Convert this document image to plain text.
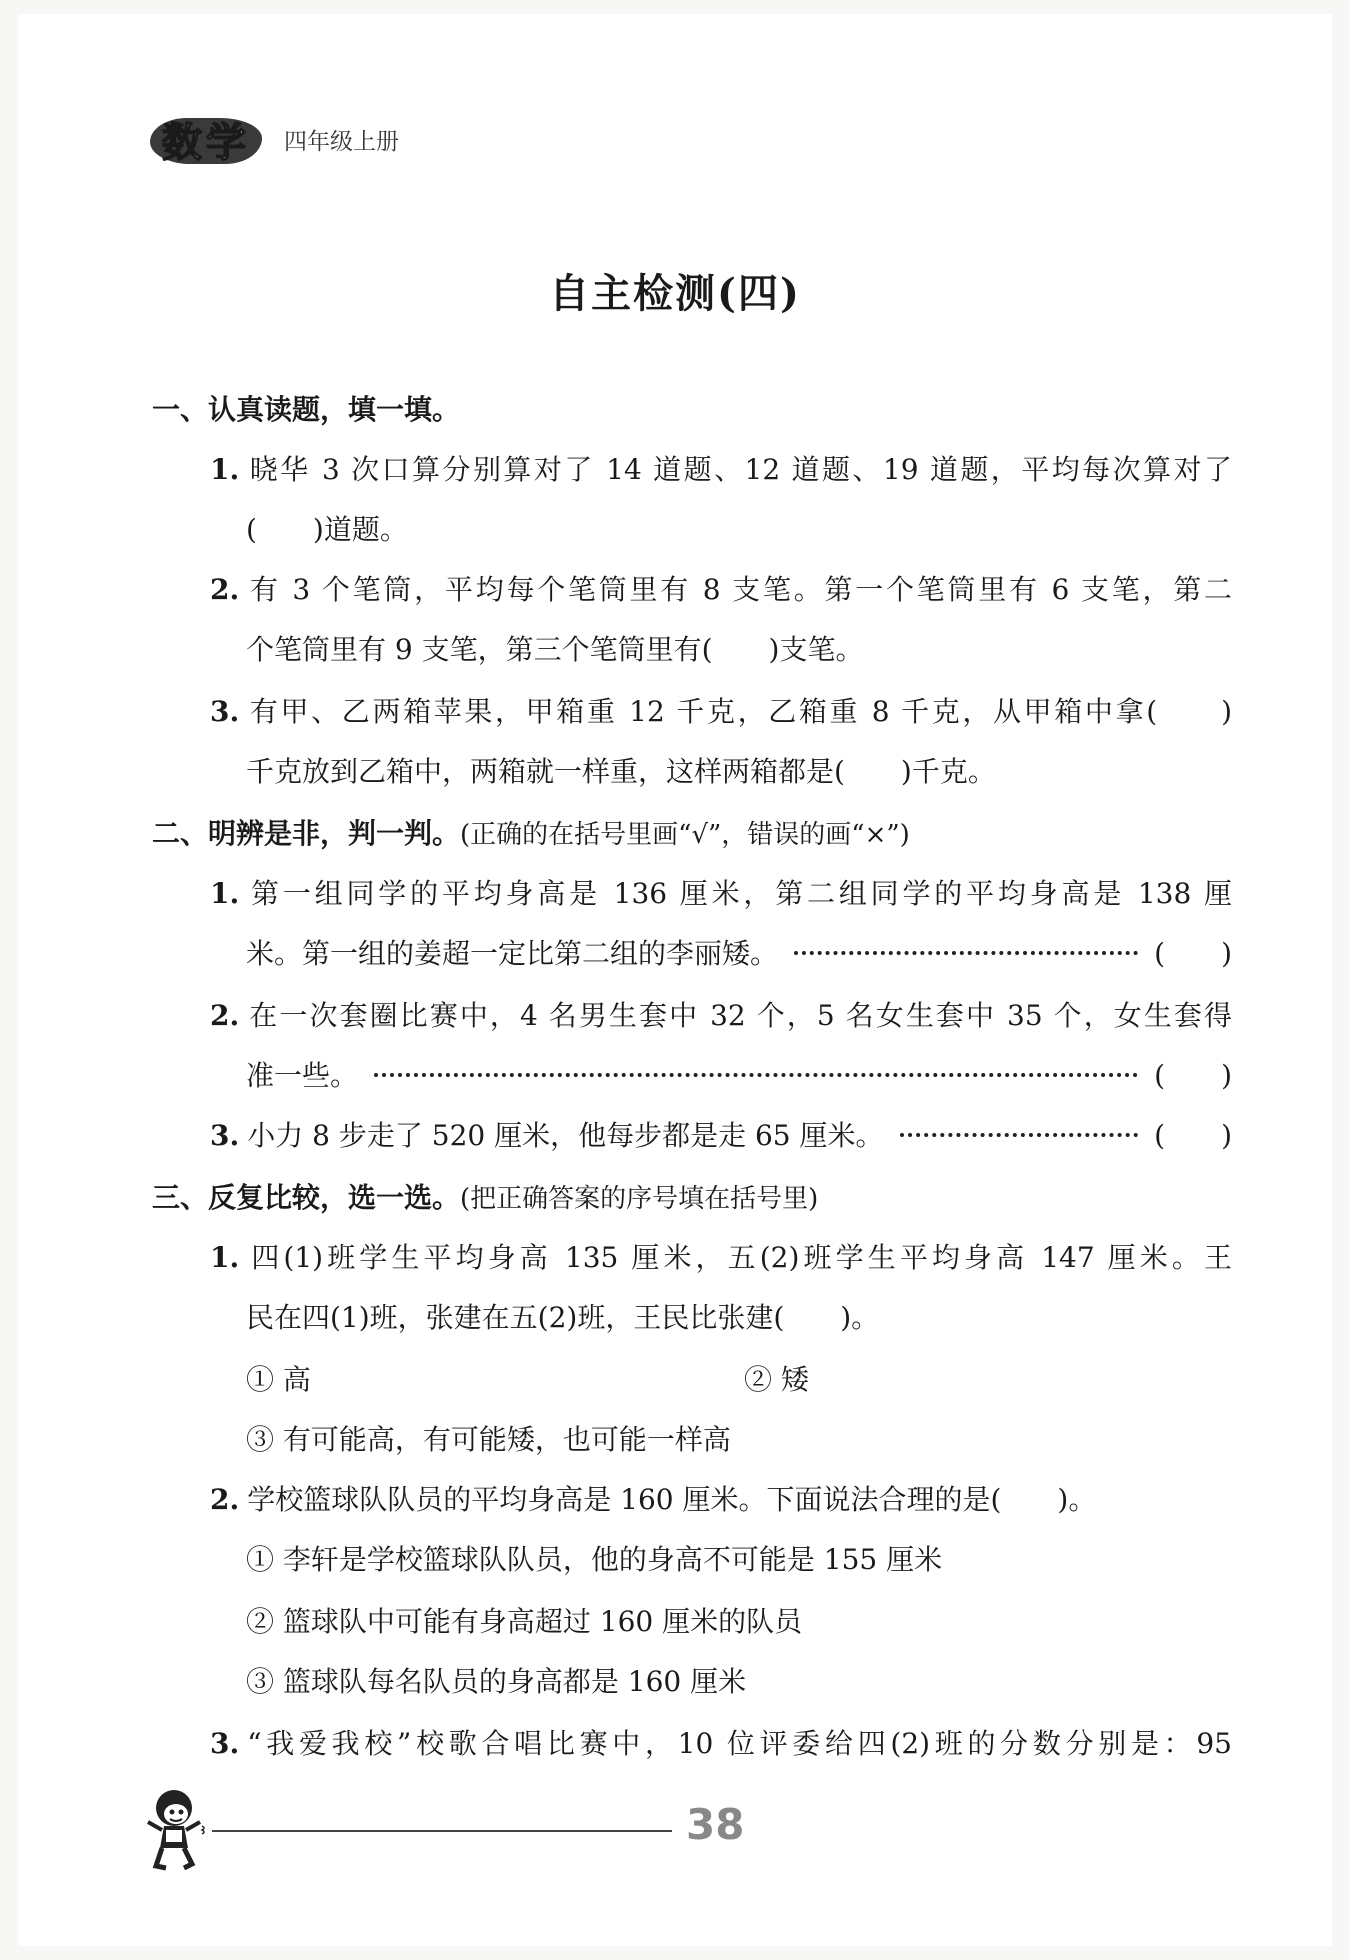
数学 四年级上册
自主检测(四)
一、认真读题，填一填。
1. 晓华 3 次口算分别算对了 14 道题、12 道题、19 道题，平均每次算对了
(　　)道题。
2. 有 3 个笔筒，平均每个笔筒里有 8 支笔。第一个笔筒里有 6 支笔，第二
个笔筒里有 9 支笔，第三个笔筒里有(　　)支笔。
3. 有甲、乙两箱苹果，甲箱重 12 千克，乙箱重 8 千克，从甲箱中拿(　　)
千克放到乙箱中，两箱就一样重，这样两箱都是(　　)千克。
二、明辨是非，判一判。(正确的在括号里画“√”，错误的画“×”)
1. 第一组同学的平均身高是 136 厘米，第二组同学的平均身高是 138 厘
米。第一组的姜超一定比第二组的李丽矮。	(　　)
2. 在一次套圈比赛中，4 名男生套中 32 个，5 名女生套中 35 个，女生套得
准一些。	(　　)
3. 小力 8 步走了 520 厘米，他每步都是走 65 厘米。	(　　)
三、反复比较，选一选。(把正确答案的序号填在括号里)
1. 四(1)班学生平均身高 135 厘米，五(2)班学生平均身高 147 厘米。王
民在四(1)班，张建在五(2)班，王民比张建(　　)。
① 高	② 矮
③ 有可能高，有可能矮，也可能一样高
2. 学校篮球队队员的平均身高是 160 厘米。下面说法合理的是(　　)。
① 李轩是学校篮球队队员，他的身高不可能是 155 厘米
② 篮球队中可能有身高超过 160 厘米的队员
③ 篮球队每名队员的身高都是 160 厘米
3. “我爱我校”校歌合唱比赛中，10 位评委给四(2)班的分数分别是：95
38
